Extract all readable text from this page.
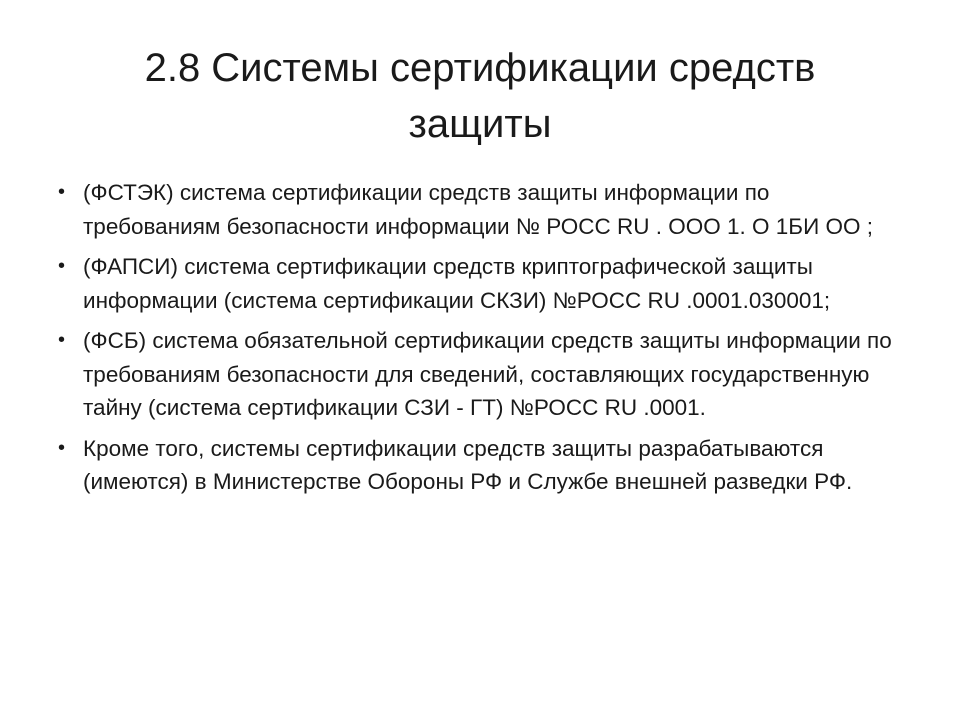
2.8 Системы сертификации средств защиты
• (ФСТЭК) система сертификации средств защиты информации по требованиям безопасности информации № РОСС RU . ООО 1. О 1БИ ОО ;
• (ФАПСИ) система сертификации средств криптографической защиты информации (система сертификации СКЗИ) №РОСС RU .0001.030001;
• (ФСБ) система обязательной сертификации средств защиты информации по требованиям безопасности для сведений, составляющих государственную тайну (система сертификации СЗИ - ГТ) №РОСС RU .0001.
• Кроме того, системы сертификации средств защиты разрабатываются (имеются) в Министерстве Обороны РФ и Службе внешней разведки РФ.
